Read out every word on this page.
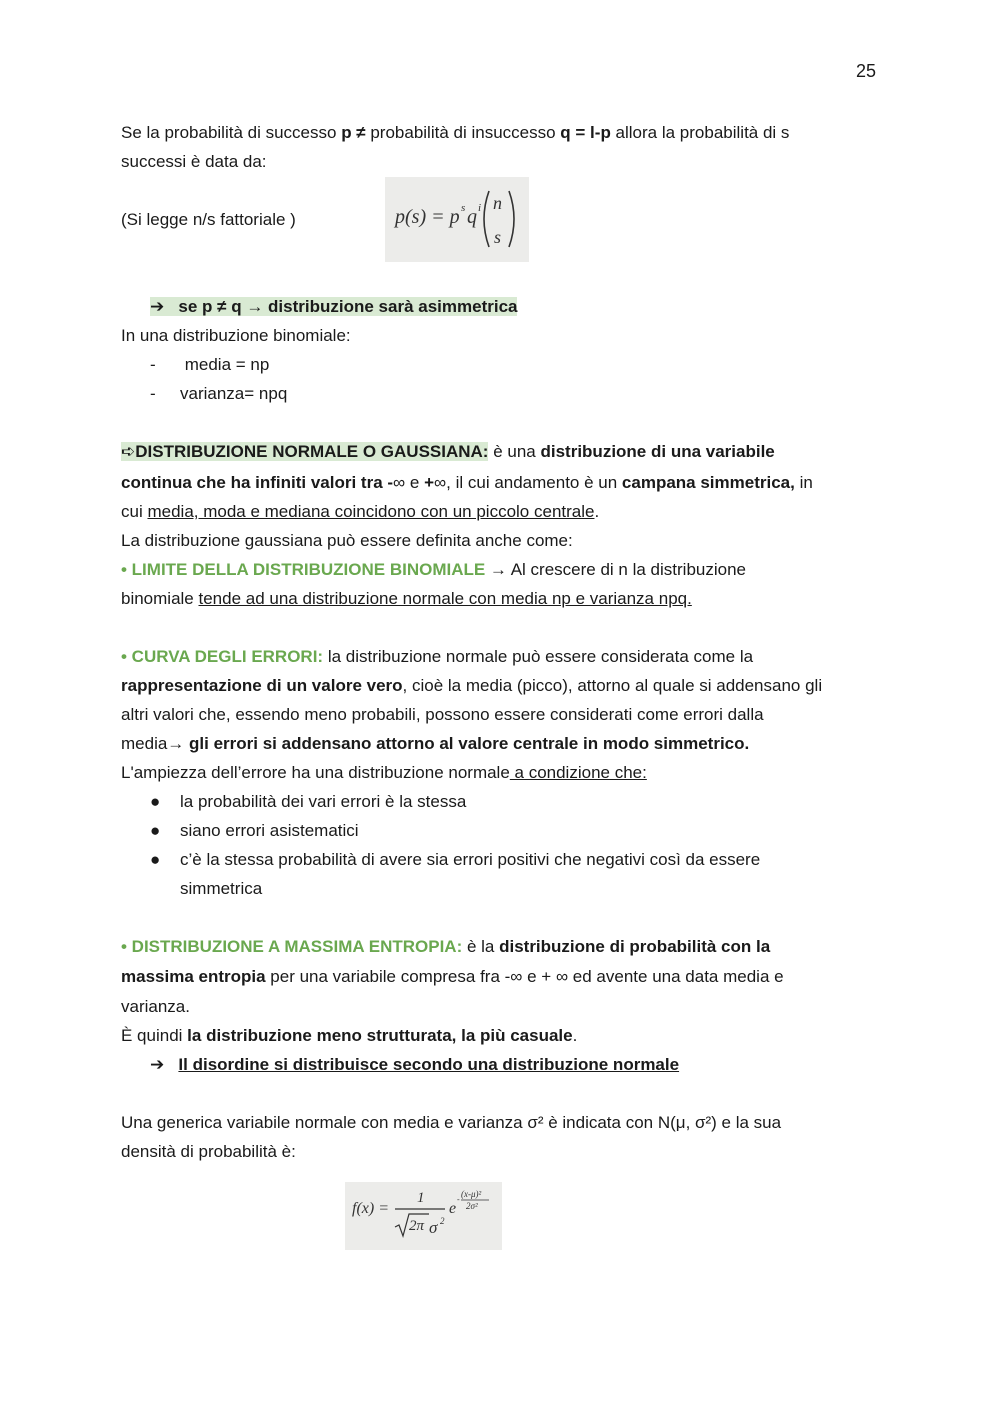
25
Se la probabilità di successo p ≠ probabilità di insuccesso q = l-p allora la probabilità di s
successi è data da:
(Si legge n/s fattoriale )	p(s) = p s q i n
s
➔ se p ≠ q → distribuzione sarà asimmetrica
In una distribuzione binomiale:
- media = np
- varianza= npq
➪DISTRIBUZIONE NORMALE O GAUSSIANA: è una distribuzione di una variabile
continua che ha infiniti valori tra -∞ e +∞, il cui andamento è un campana simmetrica, in
cui media, moda e mediana coincidono con un piccolo centrale.
La distribuzione gaussiana può essere definita anche come:
• LIMITE DELLA DISTRIBUZIONE BINOMIALE → Al crescere di n la distribuzione
binomiale tende ad una distribuzione normale con media np e varianza npq.
• CURVA DEGLI ERRORI: la distribuzione normale può essere considerata come la
rappresentazione di un valore vero, cioè la media (picco), attorno al quale si addensano gli
altri valori che, essendo meno probabili, possono essere considerati come errori dalla
media→ gli errori si addensano attorno al valore centrale in modo simmetrico.
L'ampiezza dell’errore ha una distribuzione normale a condizione che:
● la probabilità dei vari errori è la stessa
● siano errori asistematici
● c’è la stessa probabilità di avere sia errori positivi che negativi così da essere simmetrica
• DISTRIBUZIONE A MASSIMA ENTROPIA: è la distribuzione di probabilità con la
massima entropia per una variabile compresa fra -∞ e + ∞ ed avente una data media e
varianza.
È quindi la distribuzione meno strutturata, la più casuale.
➔ Il disordine si distribuisce secondo una distribuzione normale
Una generica variabile normale con media e varianza σ² è indicata con N(μ, σ²) e la sua
densità di probabilità è:
f(x) =
1
2π σ 2
e
-
(x-μ)²
2σ²
